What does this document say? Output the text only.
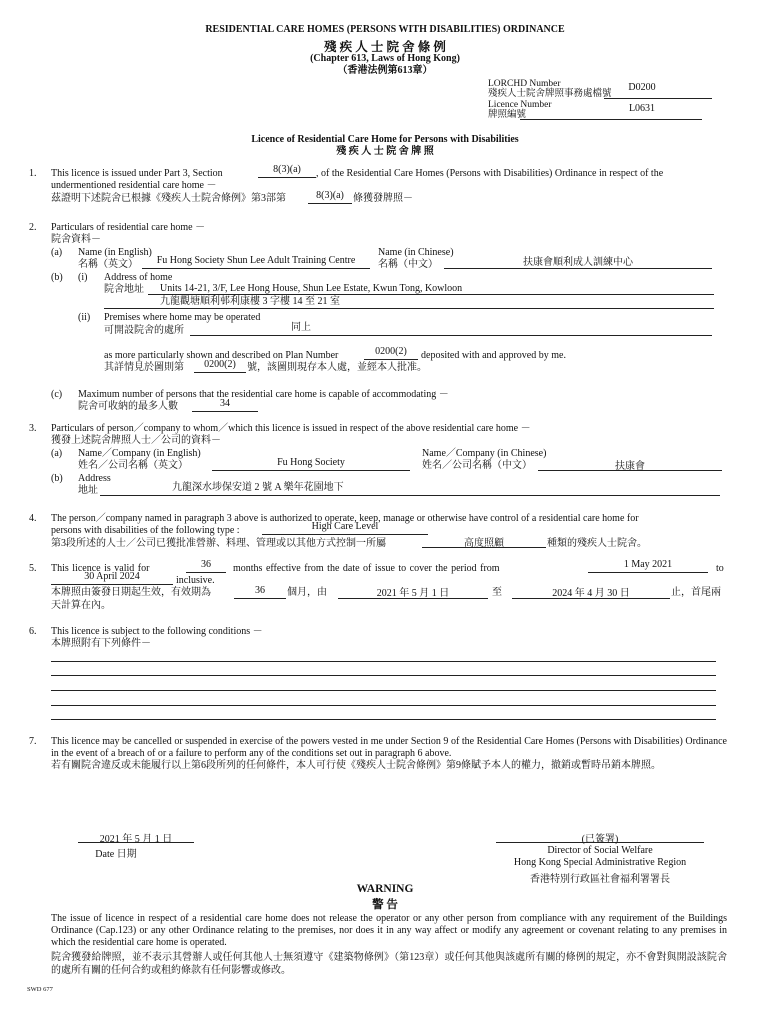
RESIDENTIAL CARE HOMES (PERSONS WITH DISABILITIES) ORDINANCE
殘 疾 人 士 院 舍 條 例
(Chapter 613, Laws of Hong Kong)
（香港法例第613章）
LORCHD Number
殘疾人士院舍牌照事務處檔號
D0200
Licence Number
牌照編號
L0631
Licence of Residential Care Home for Persons with Disabilities
殘 疾 人 士 院 舍 牌 照
1. This licence is issued under Part 3, Section	8(3)(a)	, of the Residential Care Homes (Persons with Disabilities) Ordinance in respect of the
undermentioned residential care home －
茲證明下述院舍已根據《殘疾人士院舍條例》第3部第	8(3)(a) 條獲發牌照－
2. Particulars of residential care home －
院舍資料－
(a) Name (in English)
名稱（英文）	Fu Hong Society Shun Lee Adult Training Centre
Name (in Chinese)
名稱（中文）	扶康會順利成人訓練中心
(b) (i) Address of home
院舍地址 Units 14-21, 3/F, Lee Hong House, Shun Lee Estate, Kwun Tong, Kowloon
九龍觀塘順利邨利康樓 3 字樓 14 至 21 室
(ii) Premises where home may be operated
可開設院舍的處所	同上
as more particularly shown and described on Plan Number	0200(2)	deposited with and approved by me.
其詳情見於圖則第	0200(2)	號，該圖則現存本人處，並經本人批准。
(c) Maximum number of persons that the residential care home is capable of accommodating －
院舍可收納的最多人數	34
3. Particulars of person／company to whom／which this licence is issued in respect of the above residential care home －
獲發上述院舍牌照人士／公司的資料－
(a) Name／Company (in English)
姓名／公司名稱（英文）	Fu Hong Society
Name／Company (in Chinese)
姓名／公司名稱（中文）	扶康會
(b) Address
地址	九龍深水埗保安道 2 號 A 樂年花園地下
4. The person／company named in paragraph 3 above is authorized to operate, keep, manage or otherwise have control of a residential care home for
persons with disabilities of the following type :	High Care Level
第3段所述的人士／公司已獲批准營辦、料理、管理或以其他方式控制一所屬	高度照顧	種類的殘疾人士院舍。
5. This licence is valid for	36	months effective from the date of issue to cover the period from	1 May 2021	to
30 April 2024	inclusive.
本牌照由簽發日期起生效，有效期為	36	個月，由	2021 年 5 月 1 日	至	2024 年 4 月 30 日	止，首尾兩
天計算在內。
6. This licence is subject to the following conditions －
本牌照附有下列條件－
7. This licence may be cancelled or suspended in exercise of the powers vested in me under Section 9 of the Residential Care Homes (Persons with Disabilities) Ordinance in the event of a breach of or a failure to perform any of the conditions set out in paragraph 6 above.
若有關院舍違反或未能履行以上第6段所列的任何條件，本人可行使《殘疾人士院舍條例》第9條賦予本人的權力，撤銷或暫時吊銷本牌照。
2021 年 5 月 1 日
Date 日期
(已簽署)
Director of Social Welfare
Hong Kong Special Administrative Region
香港特別行政區社會福利署署長
WARNING
警 告
The issue of licence in respect of a residential care home does not release the operator or any other person from compliance with any requirement of the Buildings Ordinance (Cap.123) or any other Ordinance relating to the premises, nor does it in any way affect or modify any agreement or covenant relating to any premises in which the residential care home is operated.
院舍獲發給牌照，並不表示其營辦人或任何其他人士無須遵守《建築物條例》（第123章）或任何其他與該處所有關的條例的規定，亦不會對與開設該院舍的處所有關的任何合約或租約條款有任何影響或修改。
SWD 677
